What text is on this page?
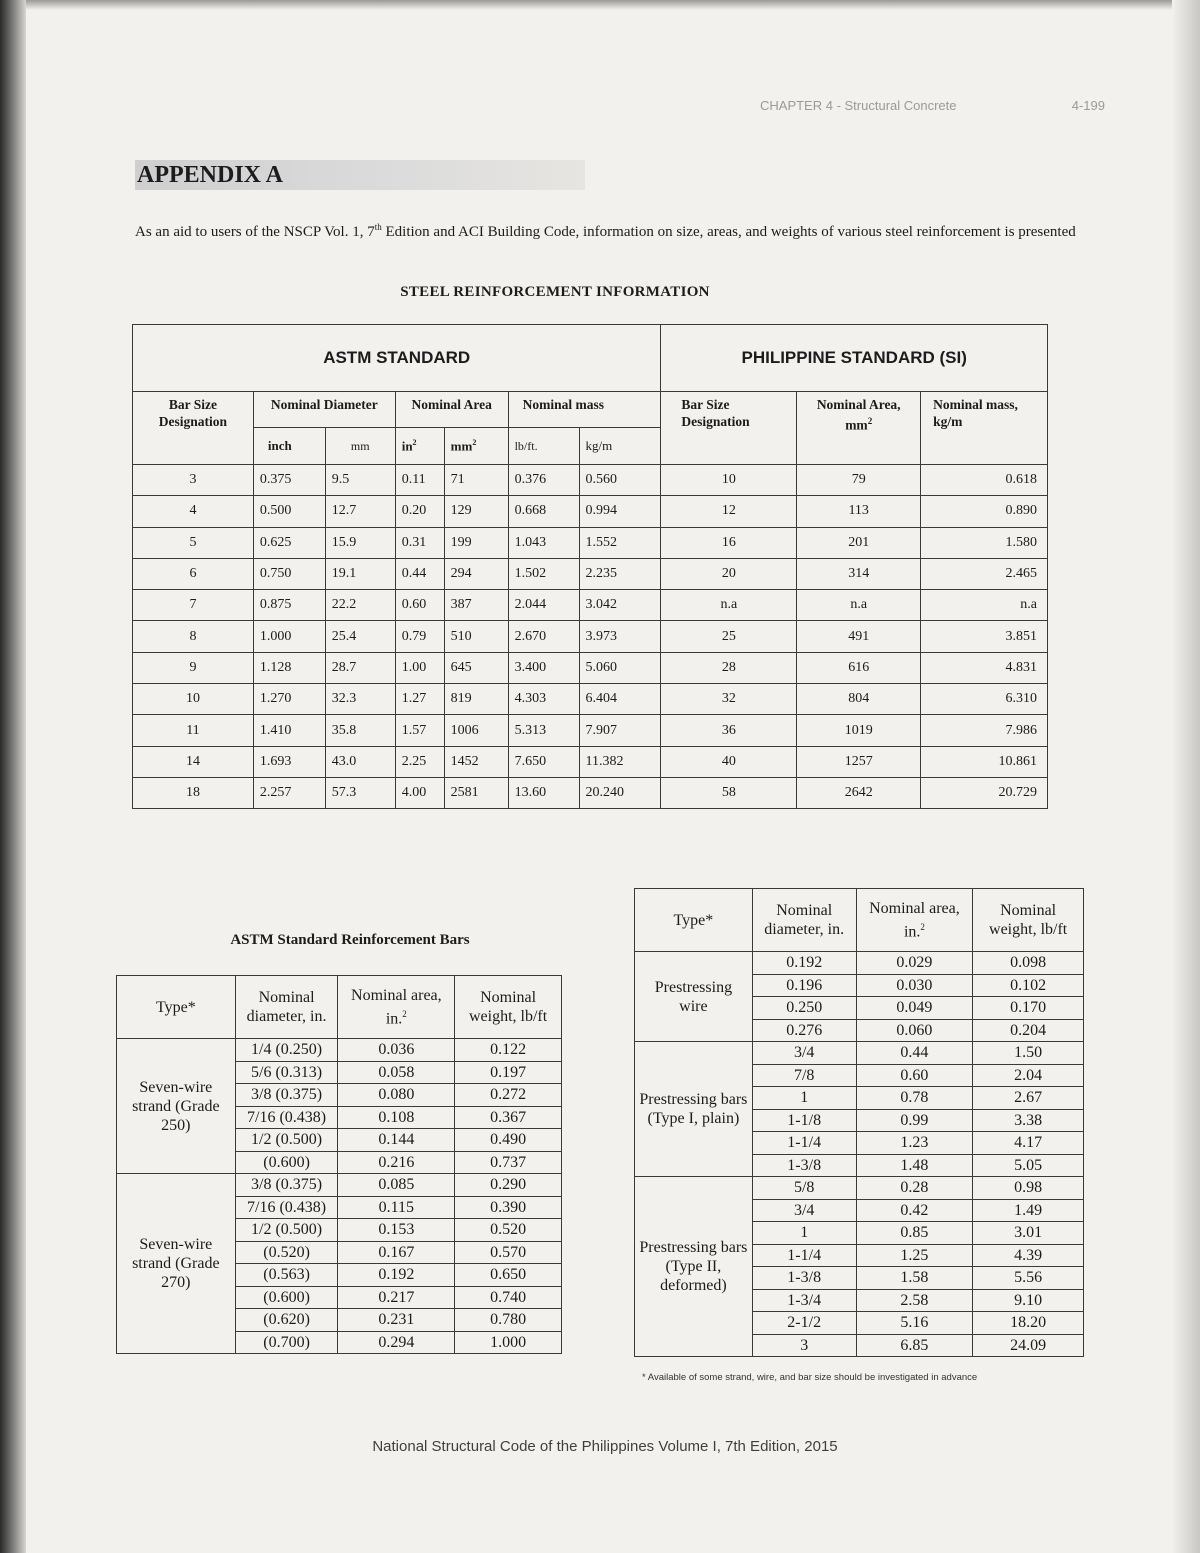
CHAPTER 4 - Structural Concrete	4-199
APPENDIX A
As an aid to users of the NSCP Vol. 1, 7th Edition and ACI Building Code, information on size, areas, and weights of various steel reinforcement is presented
STEEL REINFORCEMENT INFORMATION
ASTM STANDARD							PHILIPPINE STANDARD (SI)		
Bar Size Designation	Nominal Diameter		Nominal Area		Nominal mass		Bar Size Designation	Nominal Area, $mm^2$	Nominal mass, kg/m
	inch	mm	$in^2$	$mm^2$	lb/ft.	kg/m			
3	0.375	9.5	0.11	71	0.376	0.560	10	79	0.618
4	0.500	12.7	0.20	129	0.668	0.994	12	113	0.890
5	0.625	15.9	0.31	199	1.043	1.552	16	201	1.580
6	0.750	19.1	0.44	294	1.502	2.235	20	314	2.465
7	0.875	22.2	0.60	387	2.044	3.042	n.a	n.a	n.a
8	1.000	25.4	0.79	510	2.670	3.973	25	491	3.851
9	1.128	28.7	1.00	645	3.400	5.060	28	616	4.831
10	1.270	32.3	1.27	819	4.303	6.404	32	804	6.310
11	1.410	35.8	1.57	1006	5.313	7.907	36	1019	7.986
14	1.693	43.0	2.25	1452	7.650	11.382	40	1257	10.861
18	2.257	57.3	4.00	2581	13.60	20.240	58	2642	20.729
ASTM Standard Reinforcement Bars
Type*	Nominal diameter, in.	Nominal area, in.$^2$	Nominal weight, lb/ft
Seven-wire strand (Grade 250)	1/4 (0.250)	0.036	0.122
	5/6 (0.313)	0.058	0.197
	3/8 (0.375)	0.080	0.272
	7/16 (0.438)	0.108	0.367
	1/2 (0.500)	0.144	0.490
	(0.600)	0.216	0.737
Seven-wire strand (Grade 270)	3/8 (0.375)	0.085	0.290
	7/16 (0.438)	0.115	0.390
	1/2 (0.500)	0.153	0.520
	(0.520)	0.167	0.570
	(0.563)	0.192	0.650
	(0.600)	0.217	0.740
	(0.620)	0.231	0.780
	(0.700)	0.294	1.000
Type*	Nominal diameter, in.	Nominal area, in.$^2$	Nominal weight, lb/ft
Prestressing wire	0.192	0.029	0.098
	0.196	0.030	0.102
	0.250	0.049	0.170
	0.276	0.060	0.204
Prestressing bars (Type I, plain)	3/4	0.44	1.50
	7/8	0.60	2.04
	1	0.78	2.67
	1-1/8	0.99	3.38
	1-1/4	1.23	4.17
	1-3/8	1.48	5.05
Prestressing bars (Type II, deformed)	5/8	0.28	0.98
	3/4	0.42	1.49
	1	0.85	3.01
	1-1/4	1.25	4.39
	1-3/8	1.58	5.56
	1-3/4	2.58	9.10
	2-1/2	5.16	18.20
	3	6.85	24.09
* Available of some strand, wire, and bar size should be investigated in advance
National Structural Code of the Philippines Volume I, 7th Edition, 2015
